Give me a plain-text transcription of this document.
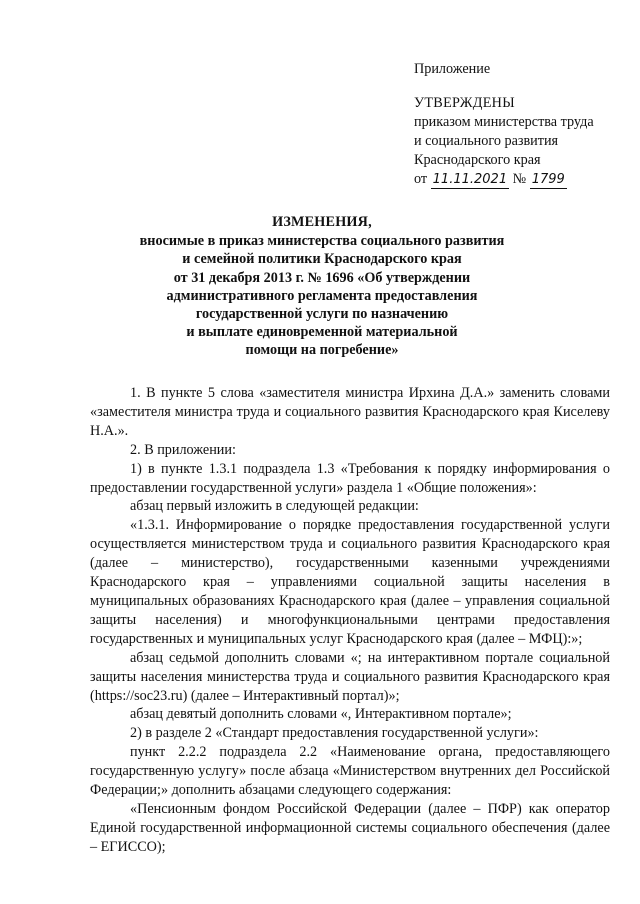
Приложение
УТВЕРЖДЕНЫ
приказом министерства труда
и социального развития
Краснодарского края
от 11.11.2021 № 1799
ИЗМЕНЕНИЯ,
вносимые в приказ министерства социального развития
и семейной политики Краснодарского края
от 31 декабря 2013 г. № 1696 «Об утверждении
административного регламента предоставления
государственной услуги по назначению
и выплате единовременной материальной
помощи на погребение»

1. В пункте 5 слова «заместителя министра Ирхина Д.А.» заменить словами «заместителя министра труда и социального развития Краснодарского края Киселеву Н.А.».

2. В приложении:

1) в пункте 1.3.1 подраздела 1.3 «Требования к порядку информирования о предоставлении государственной услуги» раздела 1 «Общие положения»:

абзац первый изложить в следующей редакции:

«1.3.1. Информирование о порядке предоставления государственной услуги осуществляется министерством труда и социального развития Краснодарского края (далее – министерство), государственными казенными учреждениями Краснодарского края – управлениями социальной защиты населения в муниципальных образованиях Краснодарского края (далее – управления социальной защиты населения) и многофункциональными центрами предоставления государственных и муниципальных услуг Краснодарского края (далее – МФЦ):»;

абзац седьмой дополнить словами «; на интерактивном портале социальной защиты населения министерства труда и социального развития Краснодарского края (https://soc23.ru) (далее – Интерактивный портал)»;

абзац девятый дополнить словами «, Интерактивном портале»;

2) в разделе 2 «Стандарт предоставления государственной услуги»:

пункт 2.2.2 подраздела 2.2 «Наименование органа, предоставляющего государственную услугу» после абзаца «Министерством внутренних дел Российской Федерации;» дополнить абзацами следующего содержания:

«Пенсионным фондом Российской Федерации (далее – ПФР) как оператор Единой государственной информационной системы социального обеспечения (далее – ЕГИССО);
